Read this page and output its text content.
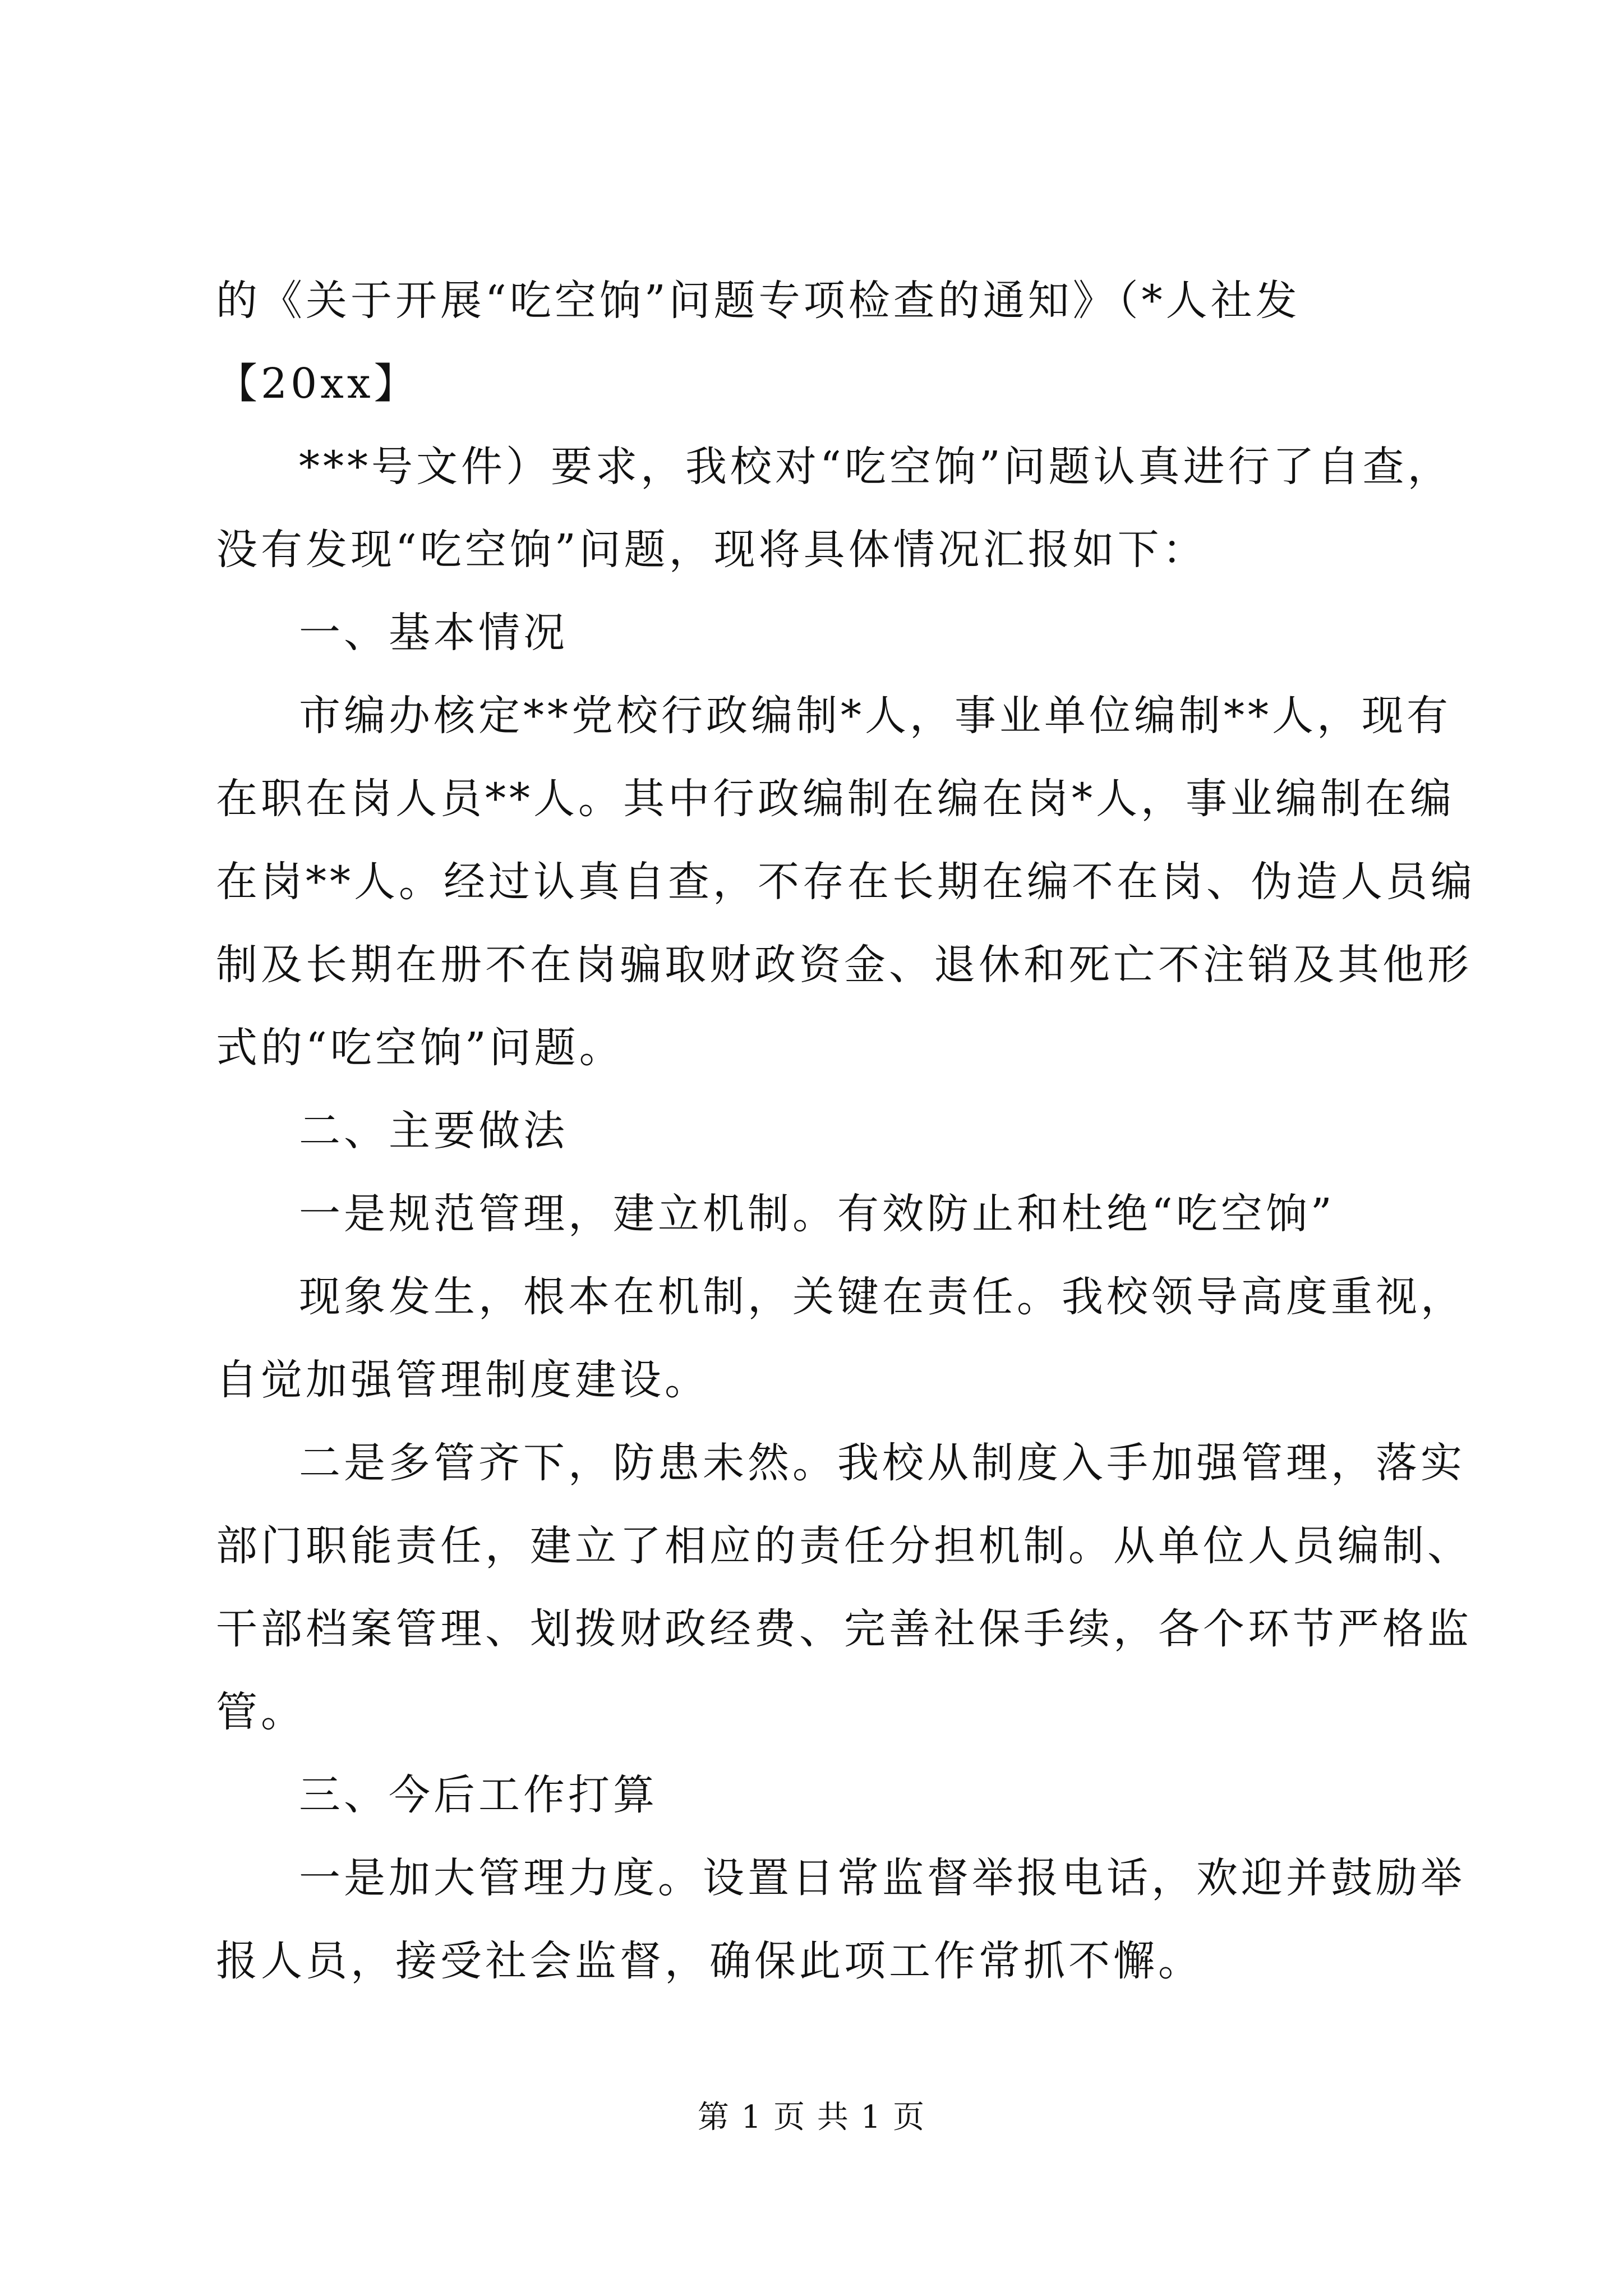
的《关于开展“吃空饷”问题专项检查的通知》（*人社发
【20xx】
***号文件）要求，我校对“吃空饷”问题认真进行了自查，
没有发现“吃空饷”问题，现将具体情况汇报如下：
一、基本情况
市编办核定**党校行政编制*人，事业单位编制**人，现有
在职在岗人员**人。其中行政编制在编在岗*人，事业编制在编
在岗**人。经过认真自查，不存在长期在编不在岗、伪造人员编
制及长期在册不在岗骗取财政资金、退休和死亡不注销及其他形
式的“吃空饷”问题。
二、主要做法
一是规范管理，建立机制。有效防止和杜绝“吃空饷”
现象发生，根本在机制，关键在责任。我校领导高度重视，
自觉加强管理制度建设。
二是多管齐下，防患未然。我校从制度入手加强管理，落实
部门职能责任，建立了相应的责任分担机制。从单位人员编制、
干部档案管理、划拨财政经费、完善社保手续，各个环节严格监
管。
三、今后工作打算
一是加大管理力度。设置日常监督举报电话，欢迎并鼓励举
报人员，接受社会监督，确保此项工作常抓不懈。
第 1 页 共 1 页
